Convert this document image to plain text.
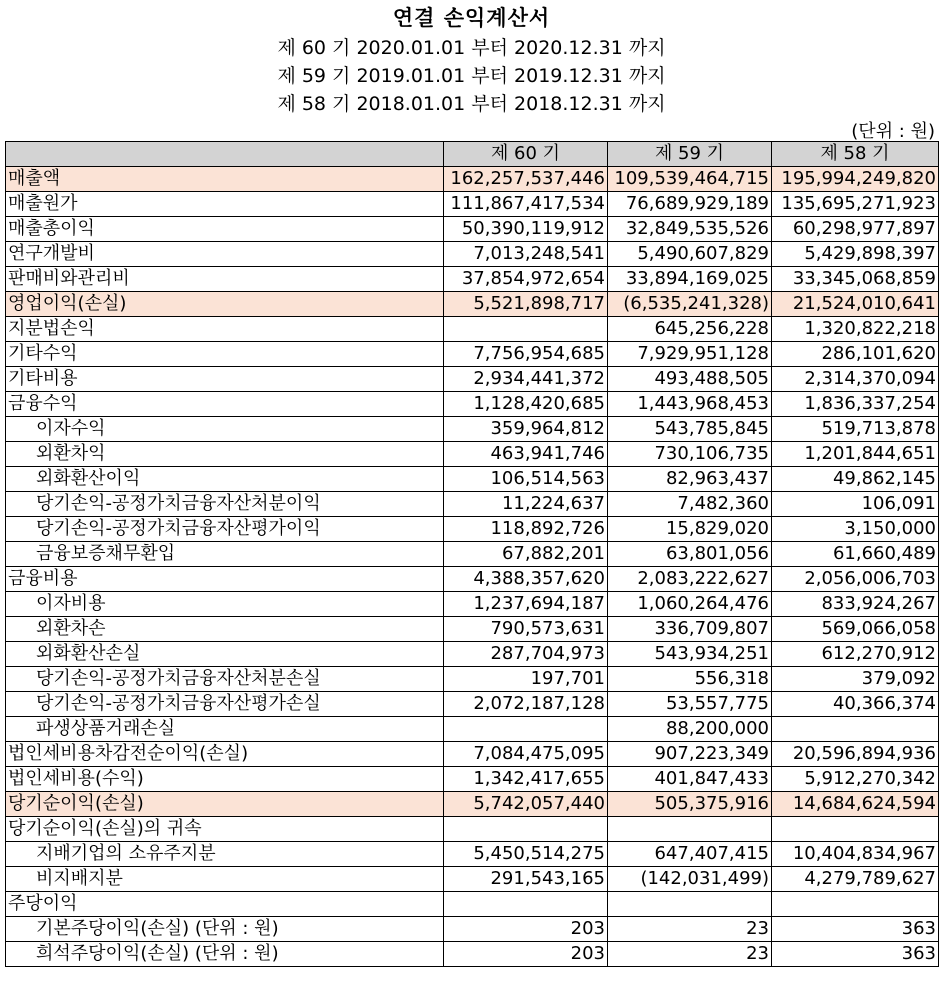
연결 손익계산서
제 60 기 2020.01.01 부터 2020.12.31 까지
제 59 기 2019.01.01 부터 2019.12.31 까지
제 58 기 2018.01.01 부터 2018.12.31 까지
(단위 : 원)
	제 60 기	제 59 기	제 58 기
매출액	162,257,537,446	109,539,464,715	195,994,249,820
매출원가	111,867,417,534	76,689,929,189	135,695,271,923
매출총이익	50,390,119,912	32,849,535,526	60,298,977,897
연구개발비	7,013,248,541	5,490,607,829	5,429,898,397
판매비와관리비	37,854,972,654	33,894,169,025	33,345,068,859
영업이익(손실)	5,521,898,717	(6,535,241,328)	21,524,010,641
지분법손익		645,256,228	1,320,822,218
기타수익	7,756,954,685	7,929,951,128	286,101,620
기타비용	2,934,441,372	493,488,505	2,314,370,094
금융수익	1,128,420,685	1,443,968,453	1,836,337,254
이자수익	359,964,812	543,785,845	519,713,878
외환차익	463,941,746	730,106,735	1,201,844,651
외화환산이익	106,514,563	82,963,437	49,862,145
당기손익-공정가치금융자산처분이익	11,224,637	7,482,360	106,091
당기손익-공정가치금융자산평가이익	118,892,726	15,829,020	3,150,000
금융보증채무환입	67,882,201	63,801,056	61,660,489
금융비용	4,388,357,620	2,083,222,627	2,056,006,703
이자비용	1,237,694,187	1,060,264,476	833,924,267
외환차손	790,573,631	336,709,807	569,066,058
외화환산손실	287,704,973	543,934,251	612,270,912
당기손익-공정가치금융자산처분손실	197,701	556,318	379,092
당기손익-공정가치금융자산평가손실	2,072,187,128	53,557,775	40,366,374
파생상품거래손실		88,200,000	
법인세비용차감전순이익(손실)	7,084,475,095	907,223,349	20,596,894,936
법인세비용(수익)	1,342,417,655	401,847,433	5,912,270,342
당기순이익(손실)	5,742,057,440	505,375,916	14,684,624,594
당기순이익(손실)의 귀속			
지배기업의 소유주지분	5,450,514,275	647,407,415	10,404,834,967
비지배지분	291,543,165	(142,031,499)	4,279,789,627
주당이익			
기본주당이익(손실) (단위 : 원)	203	23	363
희석주당이익(손실) (단위 : 원)	203	23	363
